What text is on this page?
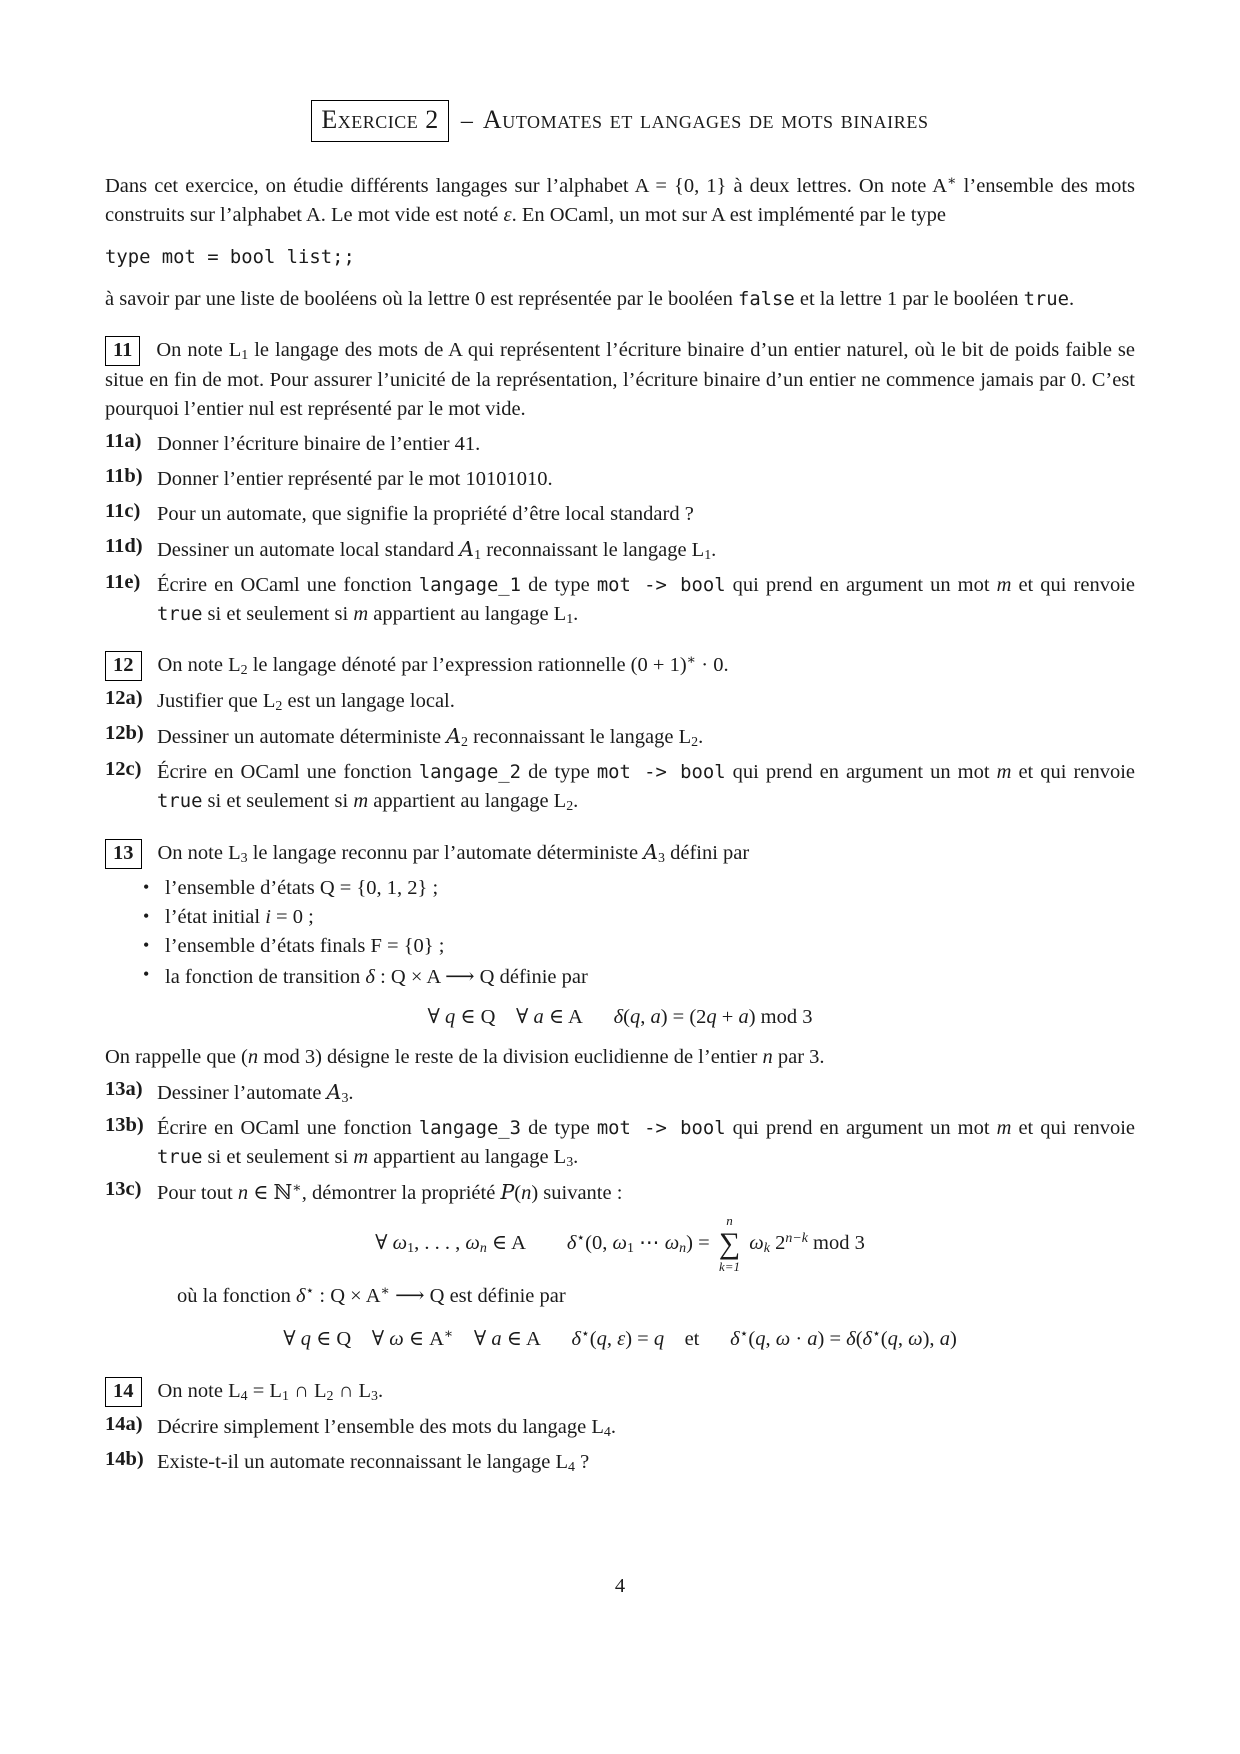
Exercice 2 – Automates et langages de mots binaires

Dans cet exercice, on étudie différents langages sur l’alphabet A = {0, 1} à deux lettres. On note A∗ l’ensemble des mots construits sur l’alphabet A. Le mot vide est noté ε. En OCaml, un mot sur A est implémenté par le type

type mot = bool list;;

à savoir par une liste de booléens où la lettre 0 est représentée par le booléen false et la lettre 1 par le booléen true.

11 On note $L_1$ le langage des mots de A qui représentent l’écriture binaire d’un entier naturel, où le bit de poids faible se situe en fin de mot. Pour assurer l’unicité de la représentation, l’écriture binaire d’un entier ne commence jamais par 0. C’est pourquoi l’entier nul est représenté par le mot vide.

11a) Donner l’écriture binaire de l’entier 41.
11b) Donner l’entier représenté par le mot 10101010.
11c) Pour un automate, que signifie la propriété d’être local standard ?
11d) Dessiner un automate local standard $A_1$ reconnaissant le langage $L_1$.
11e) Écrire en OCaml une fonction langage_1 de type mot -> bool qui prend en argument un mot m et qui renvoie true si et seulement si m appartient au langage $L_1$.

12 On note $L_2$ le langage dénoté par l’expression rationnelle (0 + 1)∗ · 0.

12a) Justifier que $L_2$ est un langage local.
12b) Dessiner un automate déterministe $A_2$ reconnaissant le langage $L_2$.
12c) Écrire en OCaml une fonction langage_2 de type mot -> bool qui prend en argument un mot m et qui renvoie true si et seulement si m appartient au langage $L_2$.

13 On note $L_3$ le langage reconnu par l’automate déterministe $A_3$ défini par

• l’ensemble d’états Q = {0, 1, 2} ;
• l’état initial i = 0 ;
• l’ensemble d’états finals F = {0} ;
• la fonction de transition δ : Q × A ⟶ Q définie par
∀ q ∈ Q  ∀ a ∈ A  δ(q, a) = (2q + a) mod 3

On rappelle que (n mod 3) désigne le reste de la division euclidienne de l’entier n par 3.

13a) Dessiner l’automate $A_3$.
13b) Écrire en OCaml une fonction langage_3 de type mot -> bool qui prend en argument un mot m et qui renvoie true si et seulement si m appartient au langage $L_3$.
13c) Pour tout n ∈ ℕ∗, démontrer la propriété P(n) suivante :
∀ $\omega_1$, . . . , $\omega_n$ ∈ A  δ⋆(0, $\omega_1$ ⋯ $\omega_n$) =
n
∑
k=1
$\omega_k$ $2^{n-k}$ mod 3

où la fonction δ⋆ : Q × A∗ ⟶ Q est définie par

∀ q ∈ Q  ∀ ω ∈ A∗  ∀ a ∈ A  δ⋆(q, ε) = q et  δ⋆(q, ω · a) = δ(δ⋆(q, ω), a)

14 On note $L_4 = L_1$ ∩ $L_2$ ∩ $L_3$.

14a) Décrire simplement l’ensemble des mots du langage $L_4$.
14b) Existe-t-il un automate reconnaissant le langage $L_4$ ?
4
